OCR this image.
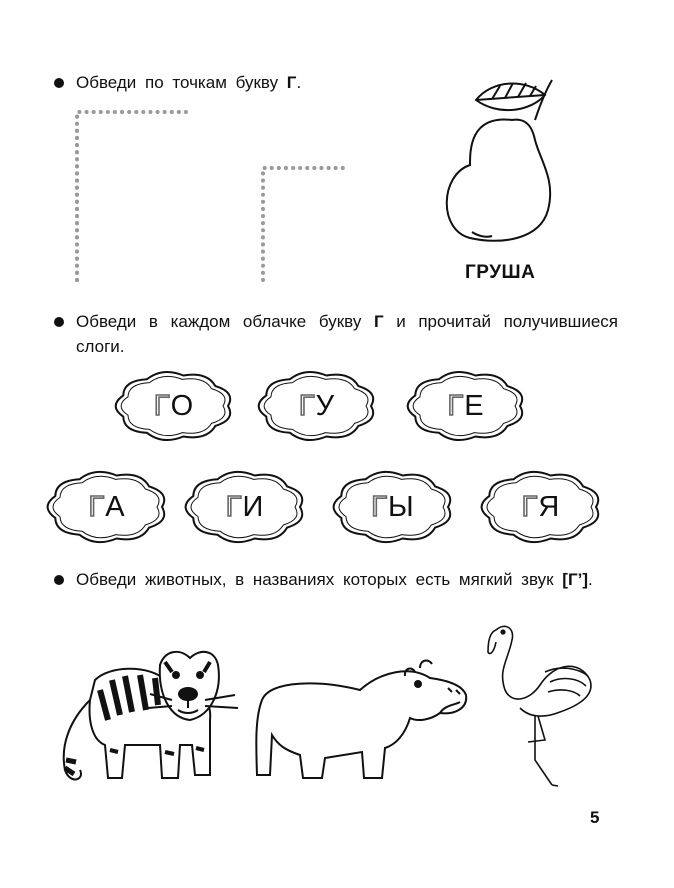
Обведи по точкам букву Г.
ГРУША
Обведи в каждом облачке букву Г и прочитай получившиеся слоги.
Г О	Г У	Г Е
Г А	Г И	Г Ы	Г Я
Обведи животных, в названиях которых есть мягкий звук [Г’].
5
